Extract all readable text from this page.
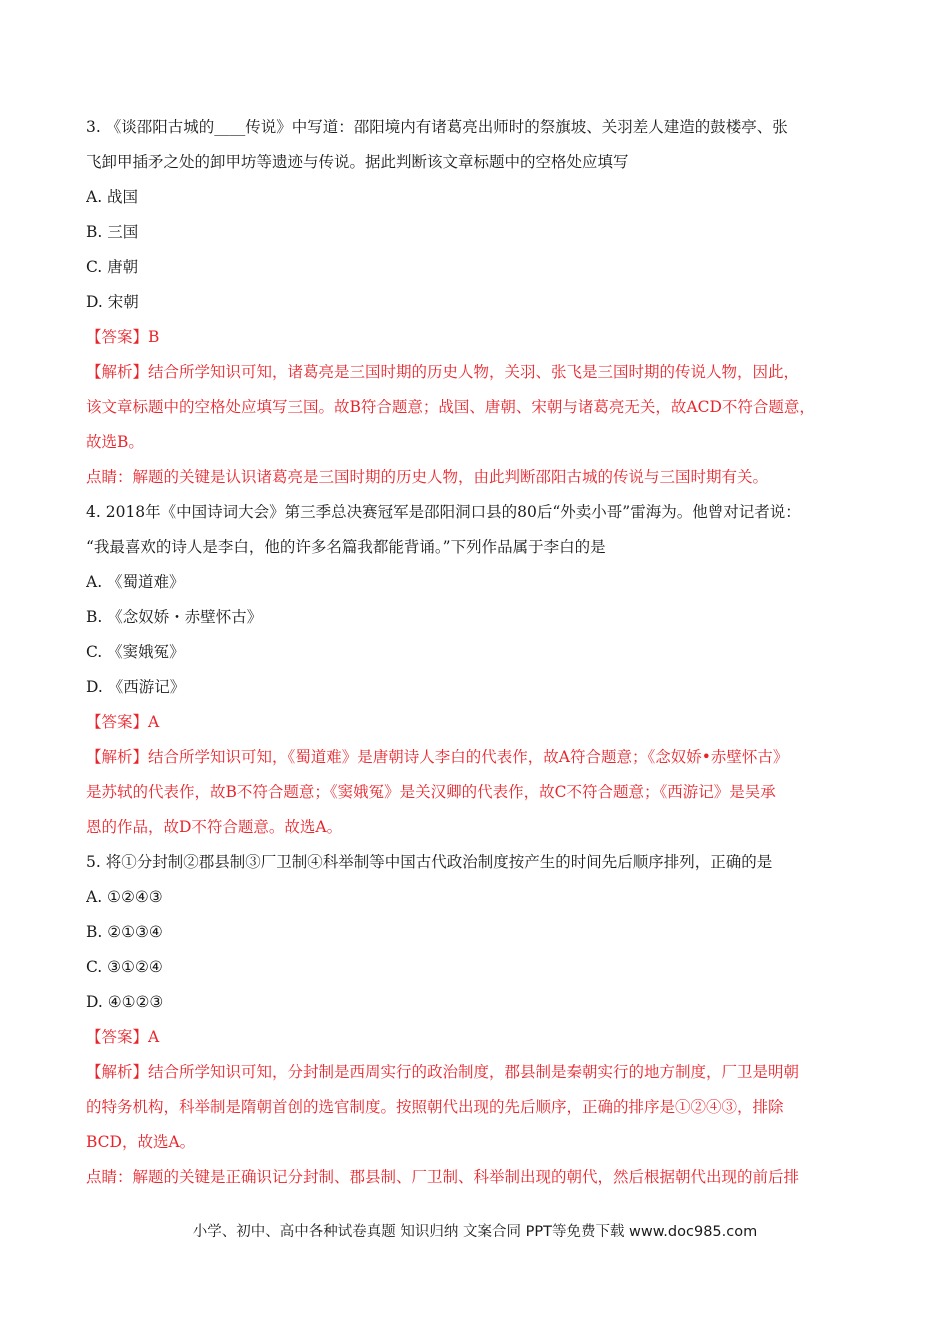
3. 《谈邵阳古城的____传说》中写道：邵阳境内有诸葛亮出师时的祭旗坡、关羽差人建造的鼓楼亭、张
飞卸甲插矛之处的卸甲坊等遗迹与传说。据此判断该文章标题中的空格处应填写
A. 战国
B. 三国
C. 唐朝
D. 宋朝
【答案】B
【解析】结合所学知识可知，诸葛亮是三国时期的历史人物，关羽、张飞是三国时期的传说人物，因此，
该文章标题中的空格处应填写三国。故B符合题意；战国、唐朝、宋朝与诸葛亮无关，故ACD不符合题意，
故选B。
点睛：解题的关键是认识诸葛亮是三国时期的历史人物，由此判断邵阳古城的传说与三国时期有关。
4. 2018年《中国诗词大会》第三季总决赛冠军是邵阳洞口县的80后“外卖小哥”雷海为。他曾对记者说：
“我最喜欢的诗人是李白，他的许多名篇我都能背诵。”下列作品属于李白的是
A. 《蜀道难》
B. 《念奴娇・赤壁怀古》
C. 《窦娥冤》
D. 《西游记》
【答案】A
【解析】结合所学知识可知，《蜀道难》是唐朝诗人李白的代表作，故A符合题意；《念奴娇•赤壁怀古》
是苏轼的代表作，故B不符合题意；《窦娥冤》是关汉卿的代表作，故C不符合题意；《西游记》是吴承
恩的作品，故D不符合题意。故选A。
5. 将①分封制②郡县制③厂卫制④科举制等中国古代政治制度按产生的时间先后顺序排列，正确的是
A. ①②④③
B. ②①③④
C. ③①②④
D. ④①②③
【答案】A
【解析】结合所学知识可知，分封制是西周实行的政治制度，郡县制是秦朝实行的地方制度，厂卫是明朝
的特务机构，科举制是隋朝首创的选官制度。按照朝代出现的先后顺序，正确的排序是①②④③，排除
BCD，故选A。
点睛：解题的关键是正确识记分封制、郡县制、厂卫制、科举制出现的朝代，然后根据朝代出现的前后排
小学、初中、高中各种试卷真题 知识归纳 文案合同 PPT等免费下载 www.doc985.com
